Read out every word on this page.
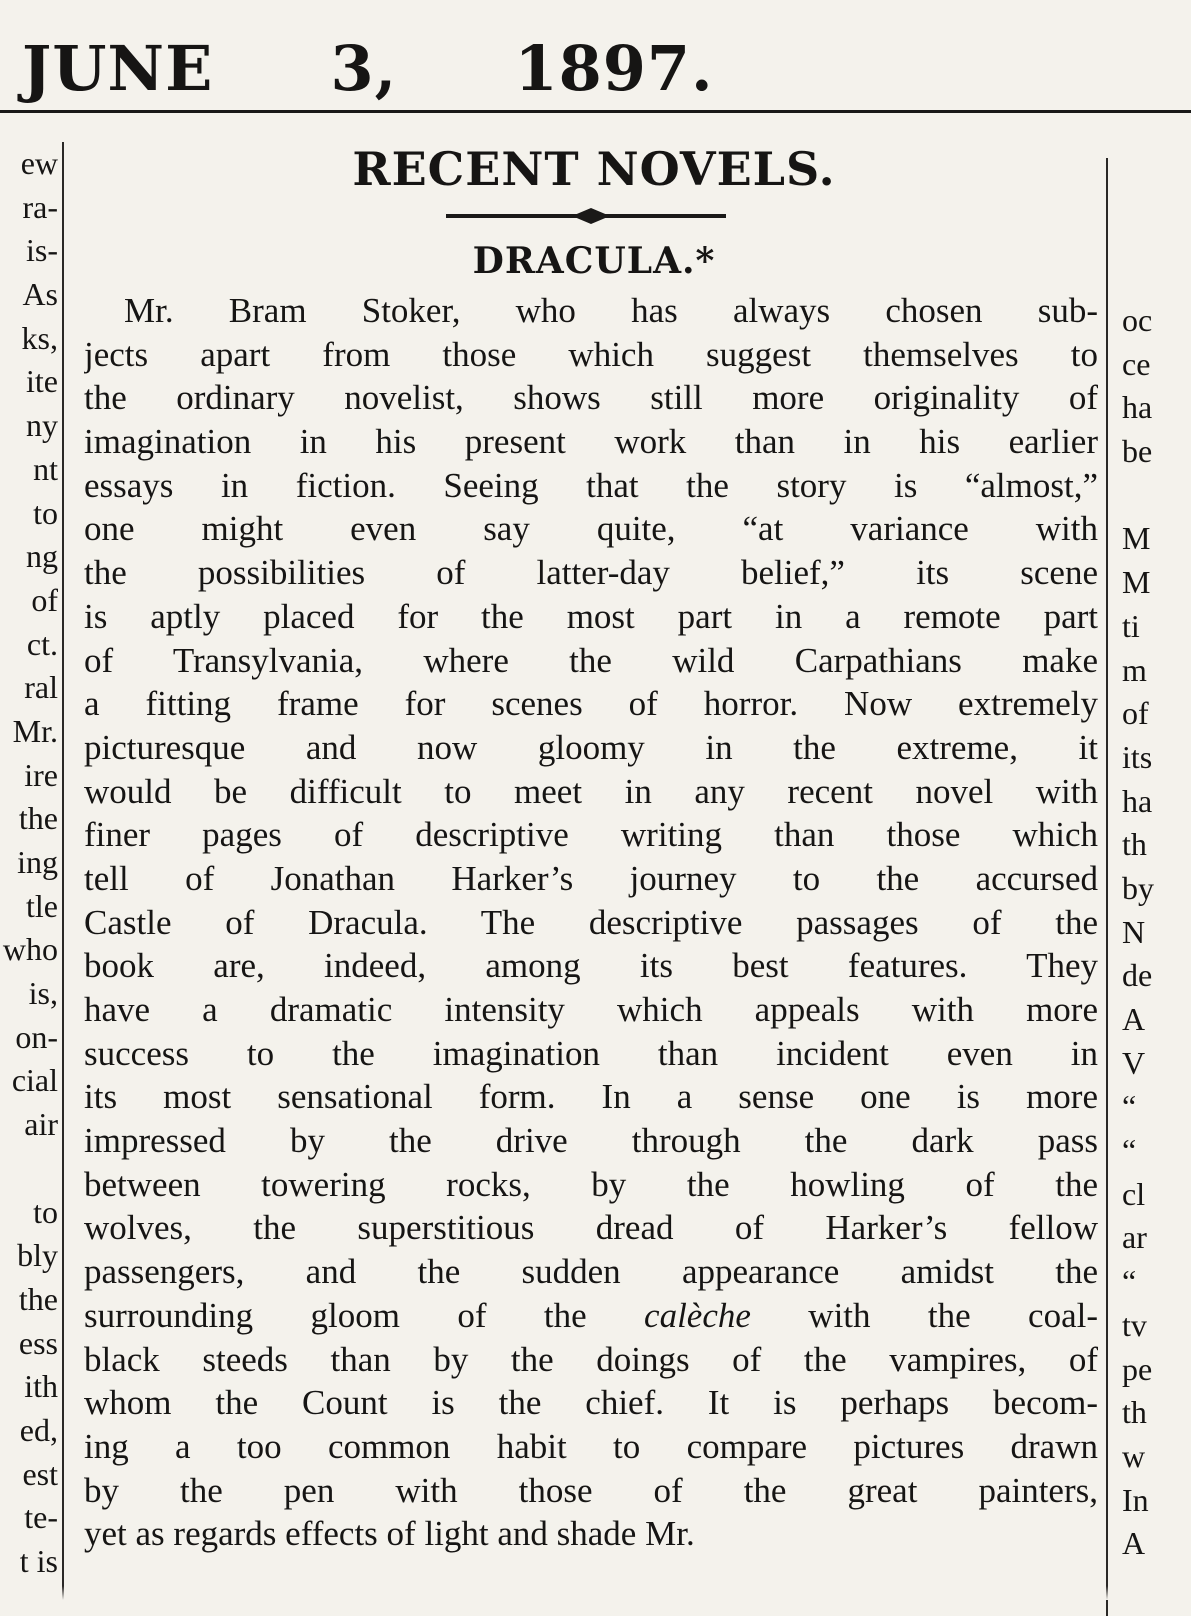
JUNE 3, 1897.
ew
ra-
is-
As
ks,
ite
ny
nt
to
ng
of
ct.
ral
Mr.
ire
the
ing
tle
who
is,
on-
cial
air
to
bly
the
ess
ith
ed,
est
te-
t is
oc
ce
ha
be
M
M
ti
m
of
its
ha
th
by
N
de
A
V
“
“
cl
ar
“
tv
pe
th
w
In
A
RECENT NOVELS.
DRACULA.*
Mr. Bram Stoker, who has always chosen sub-
jects apart from those which suggest themselves to
the ordinary novelist, shows still more originality of
imagination in his present work than in his earlier
essays in fiction. Seeing that the story is “almost,”
one might even say quite, “at variance with
the possibilities of latter-day belief,” its scene
is aptly placed for the most part in a remote part
of Transylvania, where the wild Carpathians make
a fitting frame for scenes of horror. Now extremely
picturesque and now gloomy in the extreme, it
would be difficult to meet in any recent novel with
finer pages of descriptive writing than those which
tell of Jonathan Harker’s journey to the accursed
Castle of Dracula. The descriptive passages of the
book are, indeed, among its best features. They
have a dramatic intensity which appeals with more
success to the imagination than incident even in
its most sensational form. In a sense one is more
impressed by the drive through the dark pass
between towering rocks, by the howling of the
wolves, the superstitious dread of Harker’s fellow
passengers, and the sudden appearance amidst the
surrounding gloom of the calèche with the coal-
black steeds than by the doings of the vampires, of
whom the Count is the chief. It is perhaps becom-
ing a too common habit to compare pictures drawn
by the pen with those of the great painters,
yet as regards effects of light and shade Mr.
